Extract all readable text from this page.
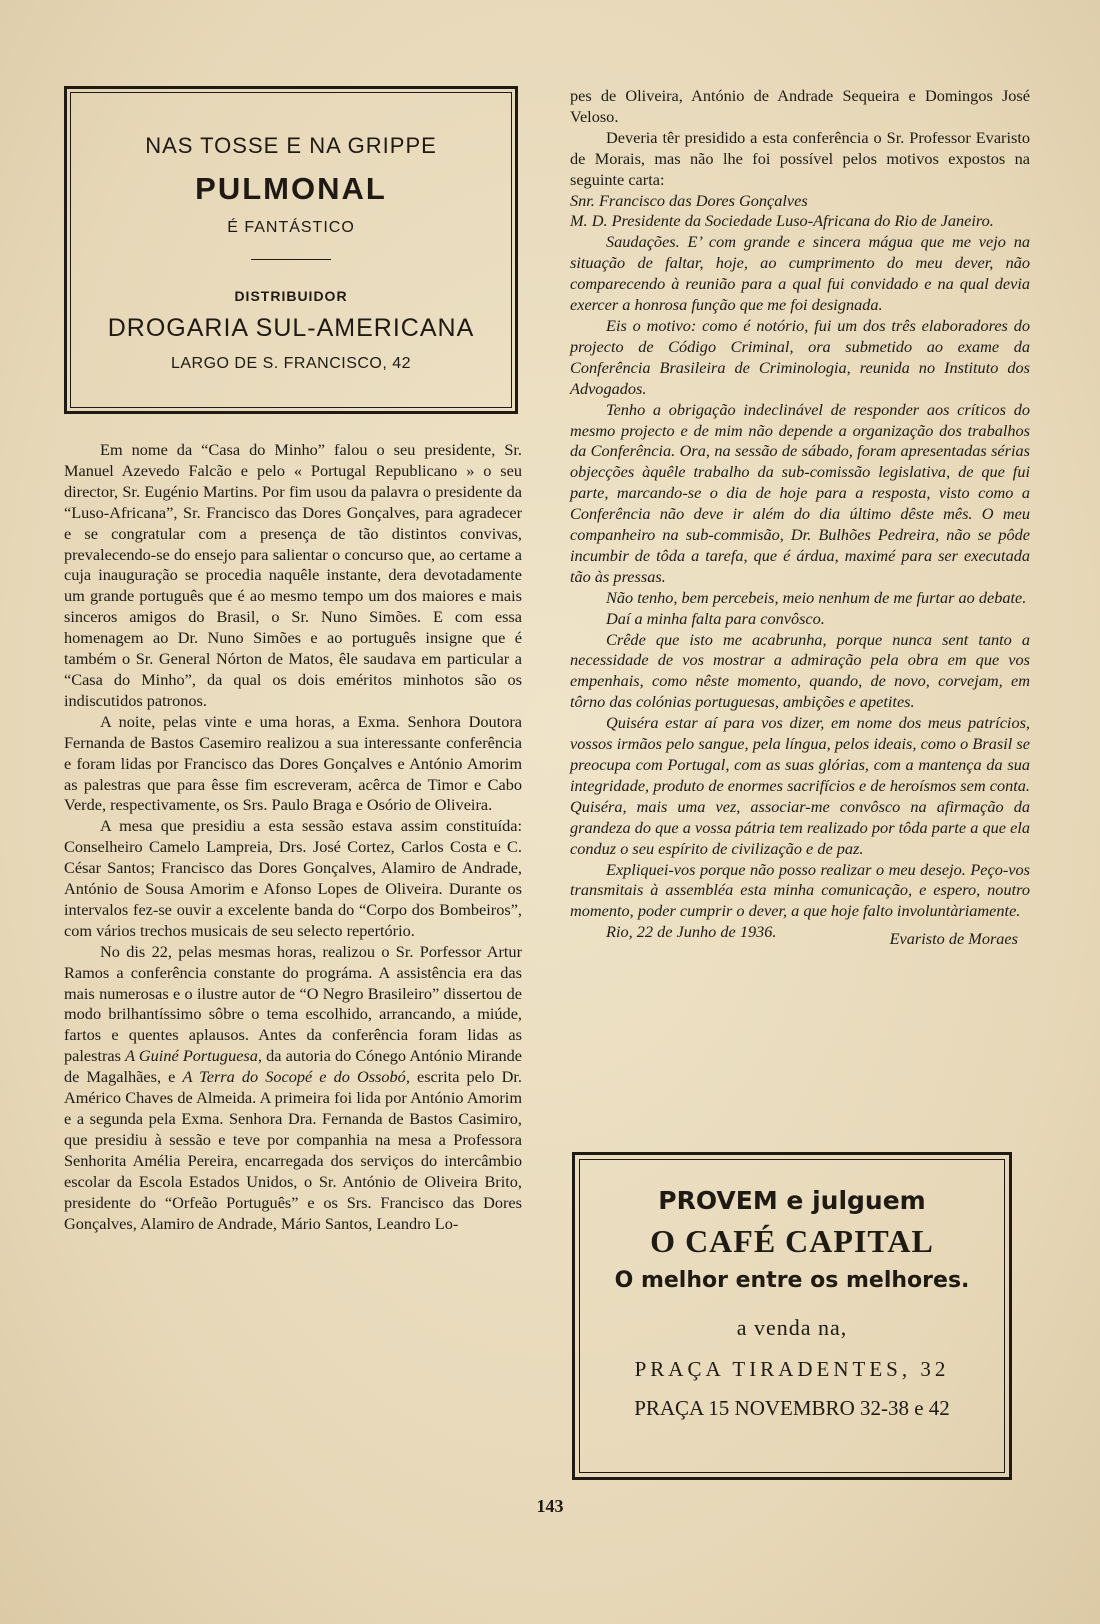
NAS TOSSE E NA GRIPPE
PULMONAL
É FANTÁSTICO
DISTRIBUIDOR
DROGARIA SUL-AMERICANA
LARGO DE S. FRANCISCO, 42

Em nome da “Casa do Minho” falou o seu presidente, Sr. Manuel Azevedo Falcão e pelo « Portugal Republicano » o seu director, Sr. Eugénio Martins. Por fim usou da palavra o presidente da “Luso-Africana”, Sr. Francisco das Dores Gonçalves, para agradecer e se congratular com a presença de tão distintos convivas, prevalecendo-se do ensejo para salientar o concurso que, ao certame a cuja inauguração se procedia naquêle instante, dera devotadamente um grande português que é ao mesmo tempo um dos maiores e mais sinceros amigos do Brasil, o Sr. Nuno Simões. E com essa homenagem ao Dr. Nuno Simões e ao português insigne que é também o Sr. General Nórton de Matos, êle saudava em particular a “Casa do Minho”, da qual os dois eméritos minhotos são os indiscutidos patronos.

A noite, pelas vinte e uma horas, a Exma. Senhora Doutora Fernanda de Bastos Casemiro realizou a sua interessante conferência e foram lidas por Francisco das Dores Gonçalves e António Amorim as palestras que para êsse fim escreveram, acêrca de Timor e Cabo Verde, respectivamente, os Srs. Paulo Braga e Osório de Oliveira.

A mesa que presidiu a esta sessão estava assim constituída: Conselheiro Camelo Lampreia, Drs. José Cortez, Carlos Costa e C. César Santos; Francisco das Dores Gonçalves, Alamiro de Andrade, António de Sousa Amorim e Afonso Lopes de Oliveira. Durante os intervalos fez-se ouvir a excelente banda do “Corpo dos Bombeiros”, com vários trechos musicais de seu selecto repertório.

No dis 22, pelas mesmas horas, realizou o Sr. Porfessor Artur Ramos a conferência constante do prográma. A assistência era das mais numerosas e o ilustre autor de “O Negro Brasileiro” dissertou de modo brilhantíssimo sôbre o tema escolhido, arrancando, a miúde, fartos e quentes aplausos. Antes da conferência foram lidas as palestras A Guiné Portuguesa, da autoria do Cónego António Mirande de Magalhães, e A Terra do Socopé e do Ossobó, escrita pelo Dr. Américo Chaves de Almeida. A primeira foi lida por António Amorim e a segunda pela Exma. Senhora Dra. Fernanda de Bastos Casimiro, que presidiu à sessão e teve por companhia na mesa a Professora Senhorita Amélia Pereira, encarregada dos serviços do intercâmbio escolar da Escola Estados Unidos, o Sr. António de Oliveira Brito, presidente do “Orfeão Português” e os Srs. Francisco das Dores Gonçalves, Alamiro de Andrade, Mário Santos, Leandro Lo-

pes de Oliveira, António de Andrade Sequeira e Domingos José Veloso.

Deveria têr presidido a esta conferência o Sr. Professor Evaristo de Morais, mas não lhe foi possível pelos motivos expostos na seguinte carta:

Snr. Francisco das Dores Gonçalves

M. D. Presidente da Sociedade Luso-Africana do Rio de Janeiro.

Saudações. E’ com grande e sincera mágua que me vejo na situação de faltar, hoje, ao cumprimento do meu dever, não comparecendo à reunião para a qual fui convidado e na qual devia exercer a honrosa função que me foi designada.

Eis o motivo: como é notório, fui um dos três elaboradores do projecto de Código Criminal, ora submetido ao exame da Conferência Brasileira de Criminologia, reunida no Instituto dos Advogados.

Tenho a obrigação indeclinável de responder aos críticos do mesmo projecto e de mim não depende a organização dos trabalhos da Conferência. Ora, na sessão de sábado, foram apresentadas sérias objecções àquêle trabalho da sub-comissão legislativa, de que fui parte, marcando-se o dia de hoje para a resposta, visto como a Conferência não deve ir além do dia último dêste mês. O meu companheiro na sub-commisão, Dr. Bulhões Pedreira, não se pôde incumbir de tôda a tarefa, que é árdua, maximé para ser executada tão às pressas.

Não tenho, bem percebeis, meio nenhum de me furtar ao debate.

Daí a minha falta para convôsco.

Crêde que isto me acabrunha, porque nunca sent tanto a necessidade de vos mostrar a admiração pela obra em que vos empenhais, como nêste momento, quando, de novo, corvejam, em tôrno das colónias portuguesas, ambições e apetites.

Quiséra estar aí para vos dizer, em nome dos meus patrícios, vossos irmãos pelo sangue, pela língua, pelos ideais, como o Brasil se preocupa com Portugal, com as suas glórias, com a mantença da sua integridade, produto de enormes sacrifícios e de heroísmos sem conta. Quiséra, mais uma vez, associar-me convôsco na afirmação da grandeza do que a vossa pátria tem realizado por tôda parte a que ela conduz o seu espírito de civilização e de paz.

Expliquei-vos porque não posso realizar o meu desejo. Peço-vos transmitais à assembléa esta minha comunicação, e espero, noutro momento, poder cumprir o dever, a que hoje falto involuntàriamente.

Rio, 22 de Junho de 1936.	Evaristo de Moraes
PROVEM e julguem
O CAFÉ CAPITAL
O melhor entre os melhores.
a venda na,
PRAÇA TIRADENTES, 32
PRAÇA 15 NOVEMBRO 32-38 e 42
143
